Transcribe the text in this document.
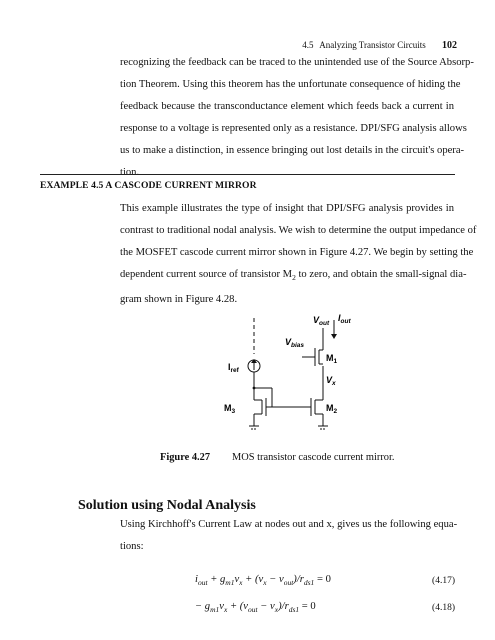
4.5 Analyzing Transistor Circuits 102

recognizing the feedback can be traced to the unintended use of the Source Absorp-
tion Theorem. Using this theorem has the unfortunate consequence of hiding the
feedback because the transconductance element which feeds back a current in
response to a voltage is represented only as a resistance. DPI/SFG analysis allows
us to make a distinction, in essence bringing out lost details in the circuit's opera-
tion.

EXAMPLE 4.5 A CASCODE CURRENT MIRROR

This example illustrates the type of insight that DPI/SFG analysis provides in
contrast to traditional nodal analysis. We wish to determine the output impedance of
the MOSFET cascode current mirror shown in Figure 4.27. We begin by setting the
dependent current source of transistor $M_2$ to zero, and obtain the small-signal dia-
gram shown in Figure 4.28.

$V_{out}$
$I_{out}$
$V_{bias}$
$I_{ref}$
$M_1$
$V_x$
$M_3$	$M_2$
Figure 4.27 MOS transistor cascode current mirror.
Solution using Nodal Analysis

Using Kirchhoff's Current Law at nodes out and x, gives us the following equa-
tions:

$i_{out} + g_{m1}v_x + (v_x - v_{out})/r_{ds1} = 0$	(4.17)
− $g_{m1}v_x + (v_{out} - v_x)/r_{ds1} = 0$	(4.18)
